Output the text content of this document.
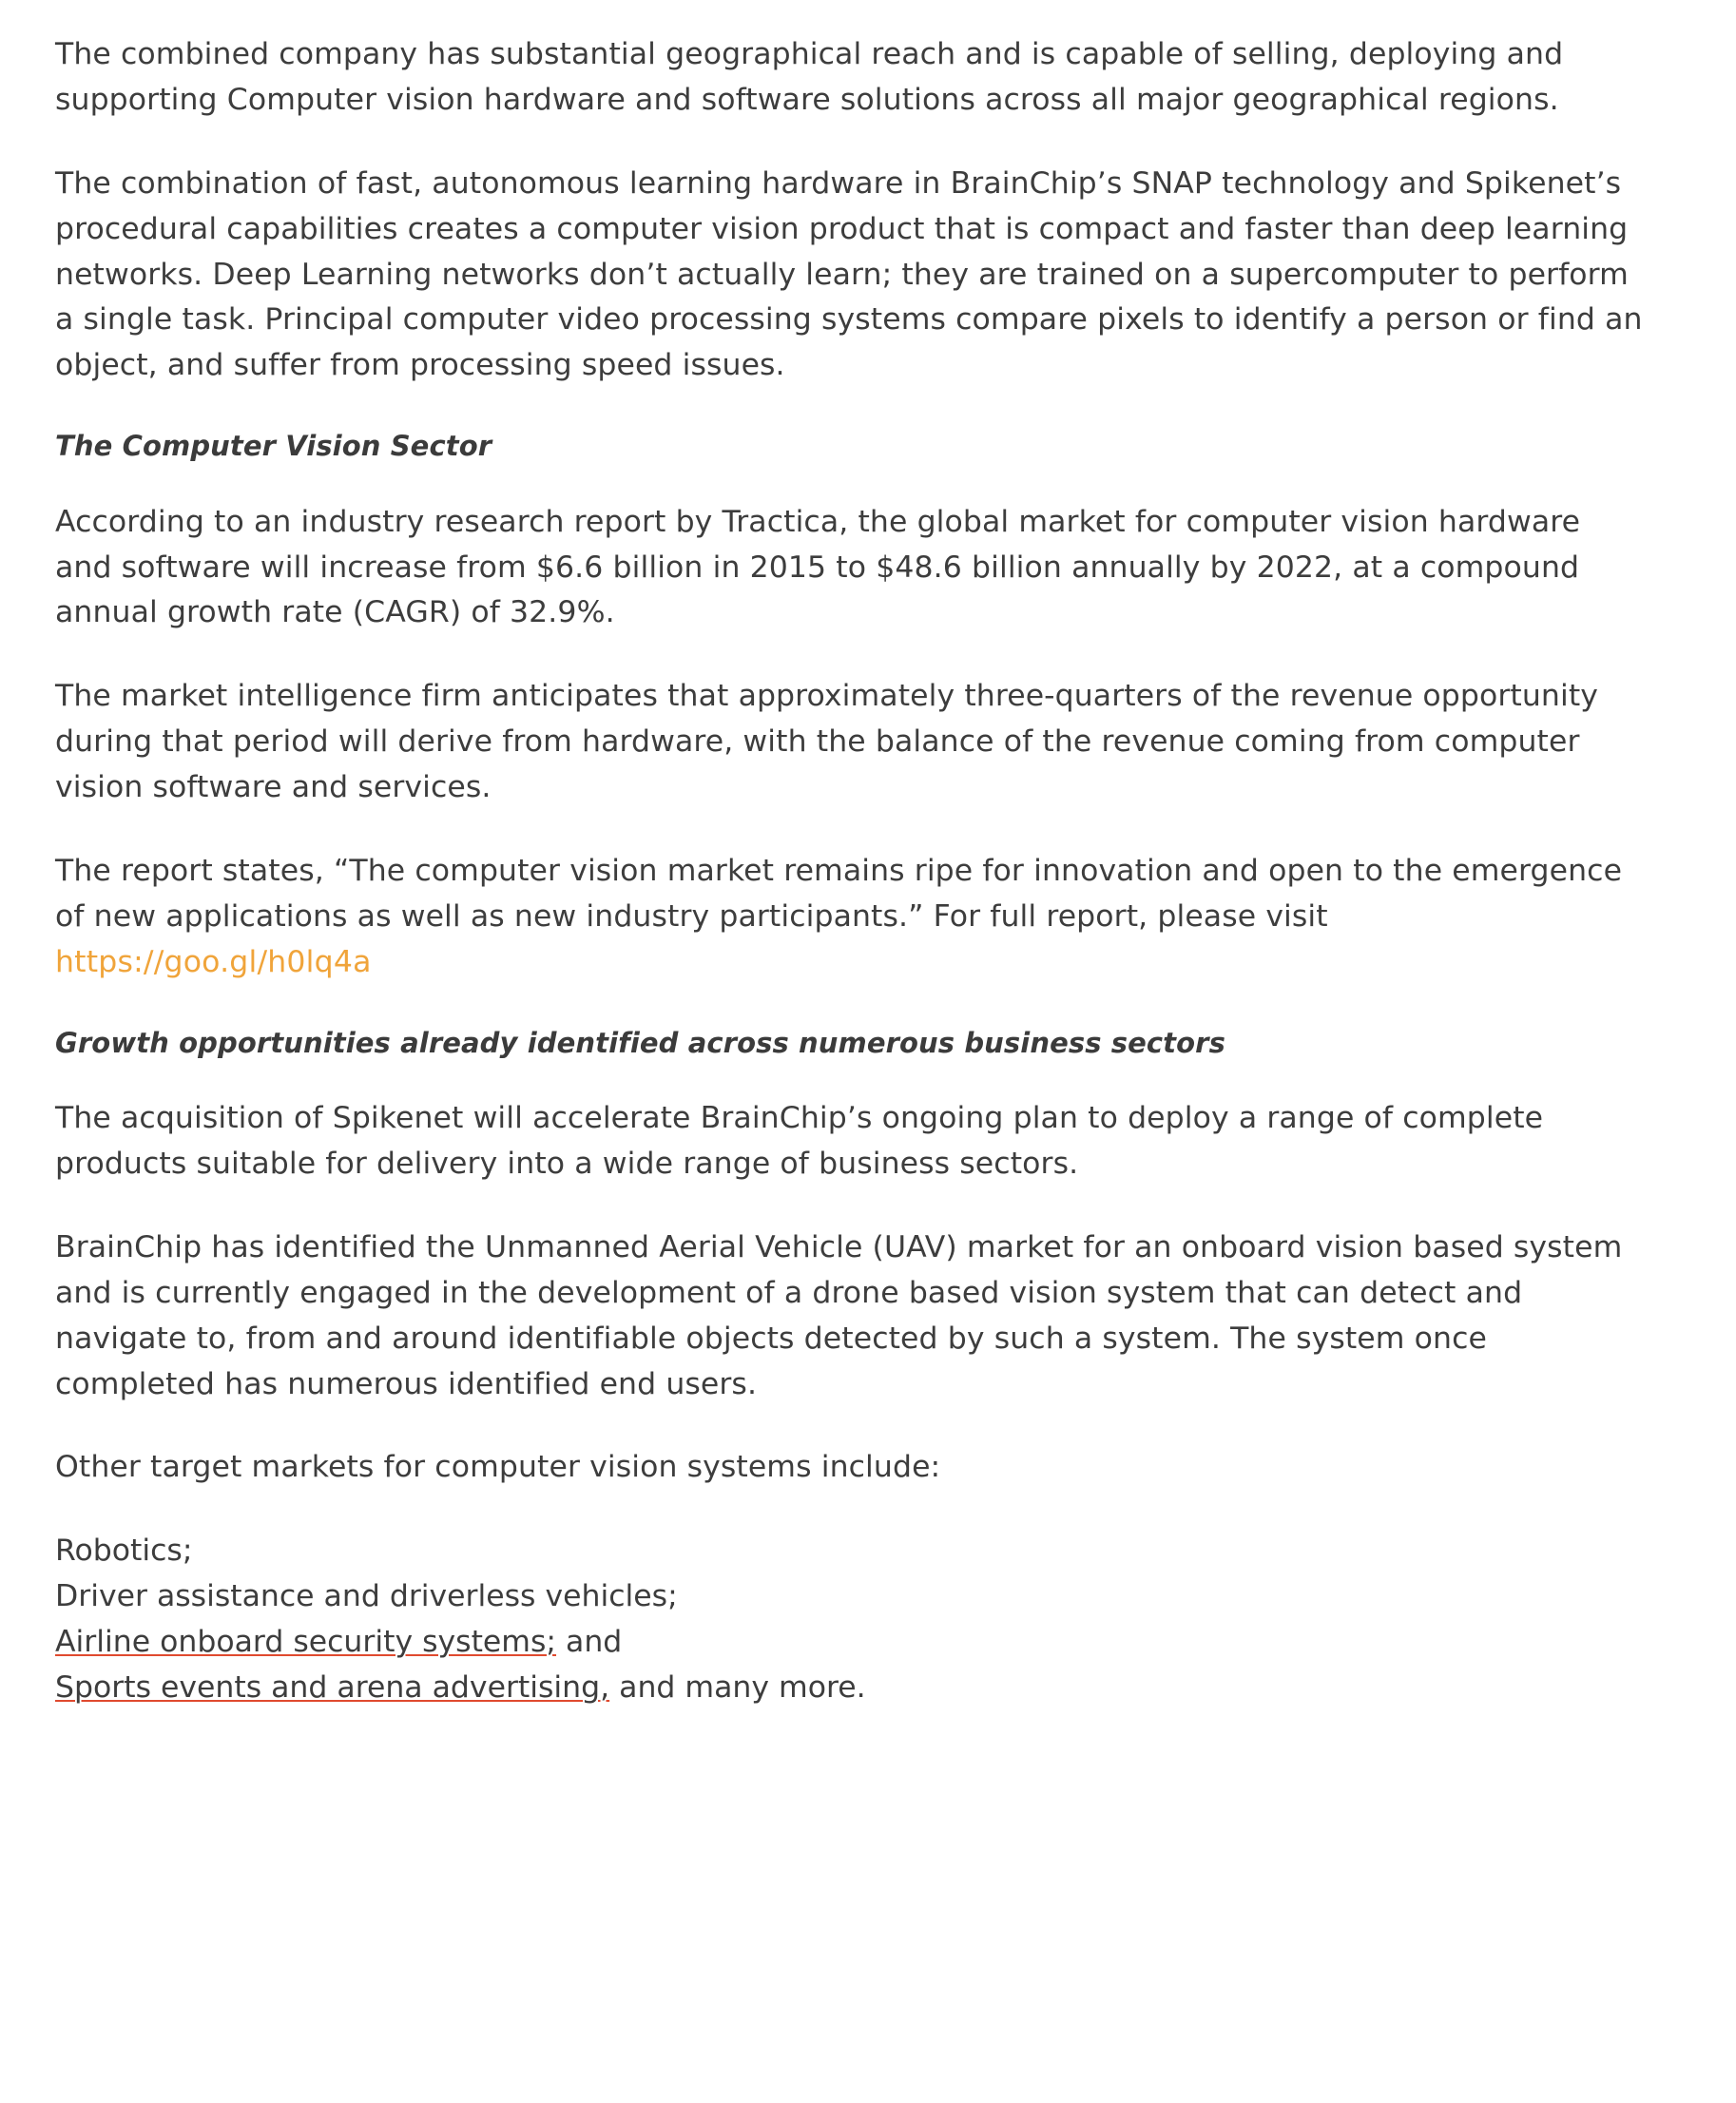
The combined company has substantial geographical reach and is capable of selling, deploying and supporting Computer vision hardware and software solutions across all major geographical regions.

The combination of fast, autonomous learning hardware in BrainChip’s SNAP technology and Spikenet’s procedural capabilities creates a computer vision product that is compact and faster than deep learning networks. Deep Learning networks don’t actually learn; they are trained on a supercomputer to perform a single task. Principal computer video processing systems compare pixels to identify a person or find an object, and suffer from processing speed issues.

The Computer Vision Sector

According to an industry research report by Tractica, the global market for computer vision hardware and software will increase from $6.6 billion in 2015 to $48.6 billion annually by 2022, at a compound annual growth rate (CAGR) of 32.9%.

The market intelligence firm anticipates that approximately three-quarters of the revenue opportunity during that period will derive from hardware, with the balance of the revenue coming from computer vision software and services.

The report states, “The computer vision market remains ripe for innovation and open to the emergence of new applications as well as new industry participants.” For full report, please visit https://goo.gl/h0lq4a

Growth opportunities already identified across numerous business sectors

The acquisition of Spikenet will accelerate BrainChip’s ongoing plan to deploy a range of complete products suitable for delivery into a wide range of business sectors.

BrainChip has identified the Unmanned Aerial Vehicle (UAV) market for an onboard vision based system and is currently engaged in the development of a drone based vision system that can detect and navigate to, from and around identifiable objects detected by such a system. The system once completed has numerous identified end users.

Other target markets for computer vision systems include:

Robotics;
Driver assistance and driverless vehicles;
Airline onboard security systems; and
Sports events and arena advertising, and many more.
